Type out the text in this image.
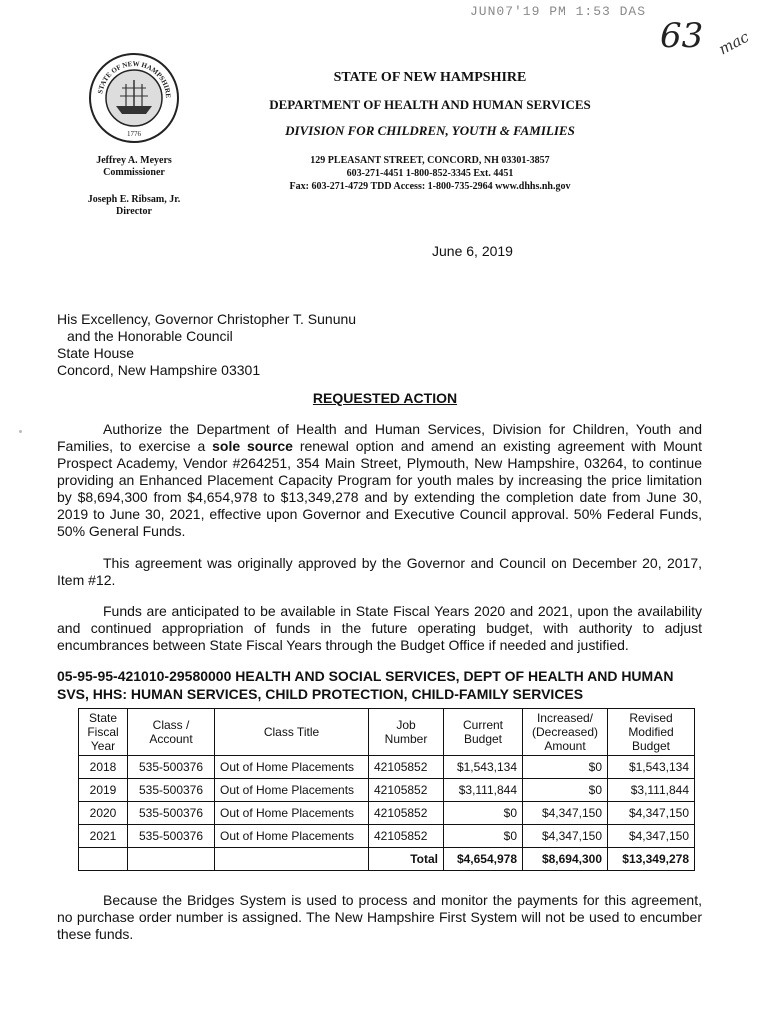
JUN07'19 PM 1:53 DAS
63 mac
STATE OF NEW HAMPSHIRE
1776
Jeffrey A. Meyers
Commissioner
Joseph E. Ribsam, Jr.
Director
STATE OF NEW HAMPSHIRE
DEPARTMENT OF HEALTH AND HUMAN SERVICES
DIVISION FOR CHILDREN, YOUTH & FAMILIES
129 PLEASANT STREET, CONCORD, NH 03301-3857
603-271-4451 1-800-852-3345 Ext. 4451
Fax: 603-271-4729 TDD Access: 1-800-735-2964 www.dhhs.nh.gov
June 6, 2019
His Excellency, Governor Christopher T. Sununu
and the Honorable Council
State House
Concord, New Hampshire 03301
REQUESTED ACTION
Authorize the Department of Health and Human Services, Division for Children, Youth and Families, to exercise a sole source renewal option and amend an existing agreement with Mount Prospect Academy, Vendor #264251, 354 Main Street, Plymouth, New Hampshire, 03264, to continue providing an Enhanced Placement Capacity Program for youth males by increasing the price limitation by $8,694,300 from $4,654,978 to $13,349,278 and by extending the completion date from June 30, 2019 to June 30, 2021, effective upon Governor and Executive Council approval. 50% Federal Funds, 50% General Funds.
This agreement was originally approved by the Governor and Council on December 20, 2017, Item #12.
Funds are anticipated to be available in State Fiscal Years 2020 and 2021, upon the availability and continued appropriation of funds in the future operating budget, with authority to adjust encumbrances between State Fiscal Years through the Budget Office if needed and justified.
05-95-95-421010-29580000 HEALTH AND SOCIAL SERVICES, DEPT OF HEALTH AND HUMAN SVS, HHS: HUMAN SERVICES, CHILD PROTECTION, CHILD-FAMILY SERVICES
State Fiscal Year	Class / Account	Class Title	Job Number	Current Budget	Increased/ (Decreased) Amount	Revised Modified Budget
2018	535-500376	Out of Home Placements	42105852	$1,543,134	$0	$1,543,134
2019	535-500376	Out of Home Placements	42105852	$3,111,844	$0	$3,111,844
2020	535-500376	Out of Home Placements	42105852	$0	$4,347,150	$4,347,150
2021	535-500376	Out of Home Placements	42105852	$0	$4,347,150	$4,347,150
			Total	$4,654,978	$8,694,300	$13,349,278
Because the Bridges System is used to process and monitor the payments for this agreement, no purchase order number is assigned. The New Hampshire First System will not be used to encumber these funds.
